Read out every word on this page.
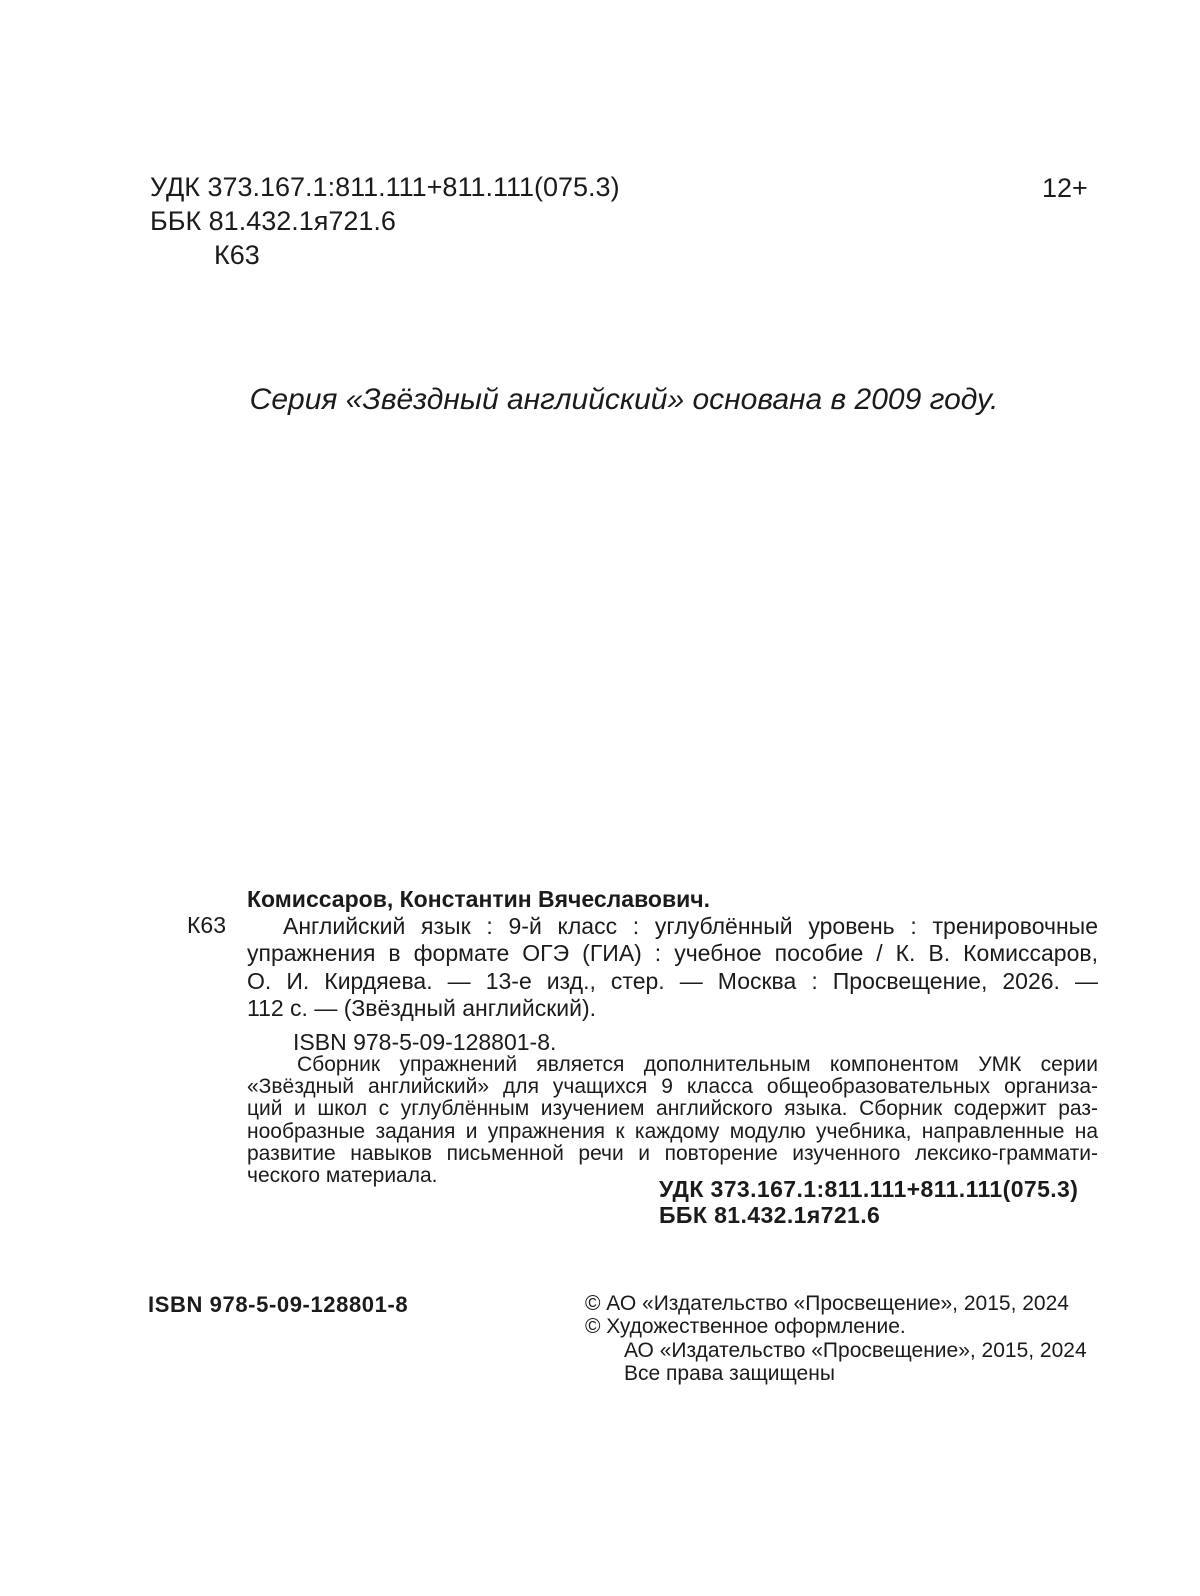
УДК 373.167.1:811.111+811.111(075.3)
ББК 81.432.1я721.6
К63
12+
Серия «Звёздный английский» основана в 2009 году.
К63
Комиссаров, Константин Вячеславович.
Английский язык : 9-й класс : углублённый уровень : тренировочные
упражнения в формате ОГЭ (ГИА) : учебное пособие / К. В. Комиссаров,
О. И. Кирдяева. — 13-е изд., стер. — Москва : Просвещение, 2026. —
112 с. — (Звёздный английский).
ISBN 978-5-09-128801-8.
Сборник упражнений является дополнительным компонентом УМК серии
«Звёздный английский» для учащихся 9 класса общеобразовательных организа-
ций и школ с углублённым изучением английского языка. Сборник содержит раз-
нообразные задания и упражнения к каждому модулю учебника, направленные на
развитие навыков письменной речи и повторение изученного лексико-граммати-
ческого материала.
УДК 373.167.1:811.111+811.111(075.3)
ББК 81.432.1я721.6
ISBN 978-5-09-128801-8	© АО «Издательство «Просвещение», 2015, 2024
© Художественное оформление.
АО «Издательство «Просвещение», 2015, 2024
Все права защищены
